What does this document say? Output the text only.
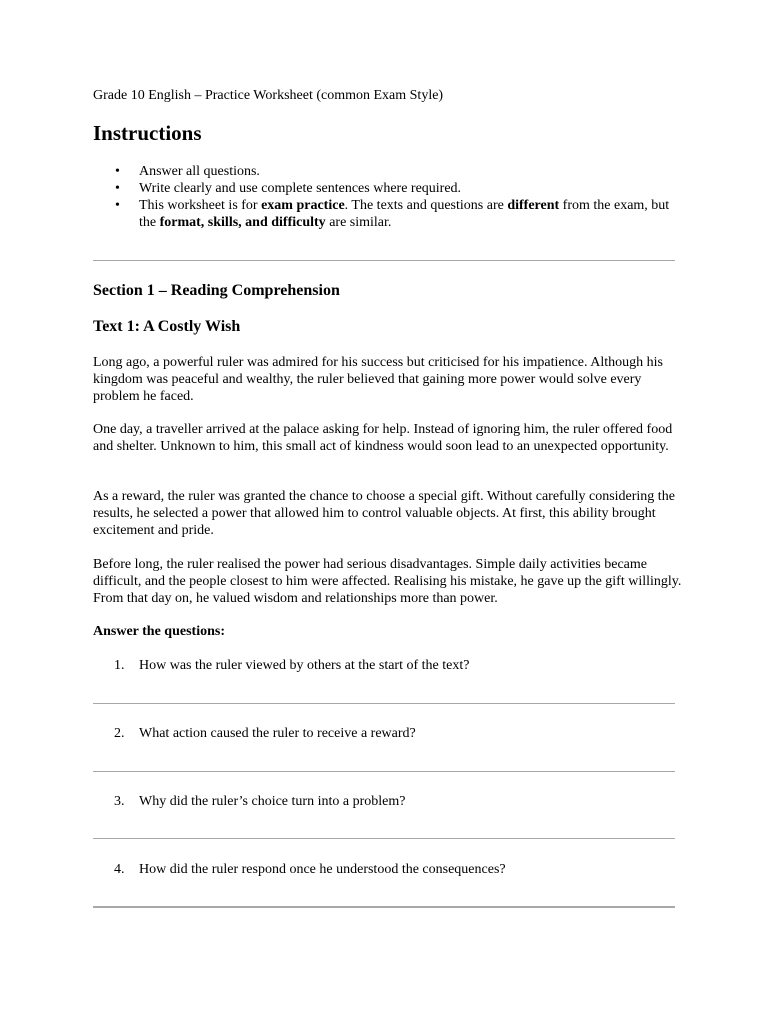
Grade 10 English – Practice Worksheet (common Exam Style)
Instructions
• Answer all questions.
• Write clearly and use complete sentences where required.
• This worksheet is for exam practice. The texts and questions are different from the exam, but the format, skills, and difficulty are similar.
Section 1 – Reading Comprehension
Text 1: A Costly Wish

Long ago, a powerful ruler was admired for his success but criticised for his impatience. Although his kingdom was peaceful and wealthy, the ruler believed that gaining more power would solve every problem he faced.

One day, a traveller arrived at the palace asking for help. Instead of ignoring him, the ruler offered food and shelter. Unknown to him, this small act of kindness would soon lead to an unexpected opportunity.

As a reward, the ruler was granted the chance to choose a special gift. Without carefully considering the results, he selected a power that allowed him to control valuable objects. At first, this ability brought excitement and pride.

Before long, the ruler realised the power had serious disadvantages. Simple daily activities became difficult, and the people closest to him were affected. Realising his mistake, he gave up the gift willingly. From that day on, he valued wisdom and relationships more than power.

Answer the questions:
1. How was the ruler viewed by others at the start of the text?
2. What action caused the ruler to receive a reward?
3. Why did the ruler’s choice turn into a problem?
4. How did the ruler respond once he understood the consequences?
